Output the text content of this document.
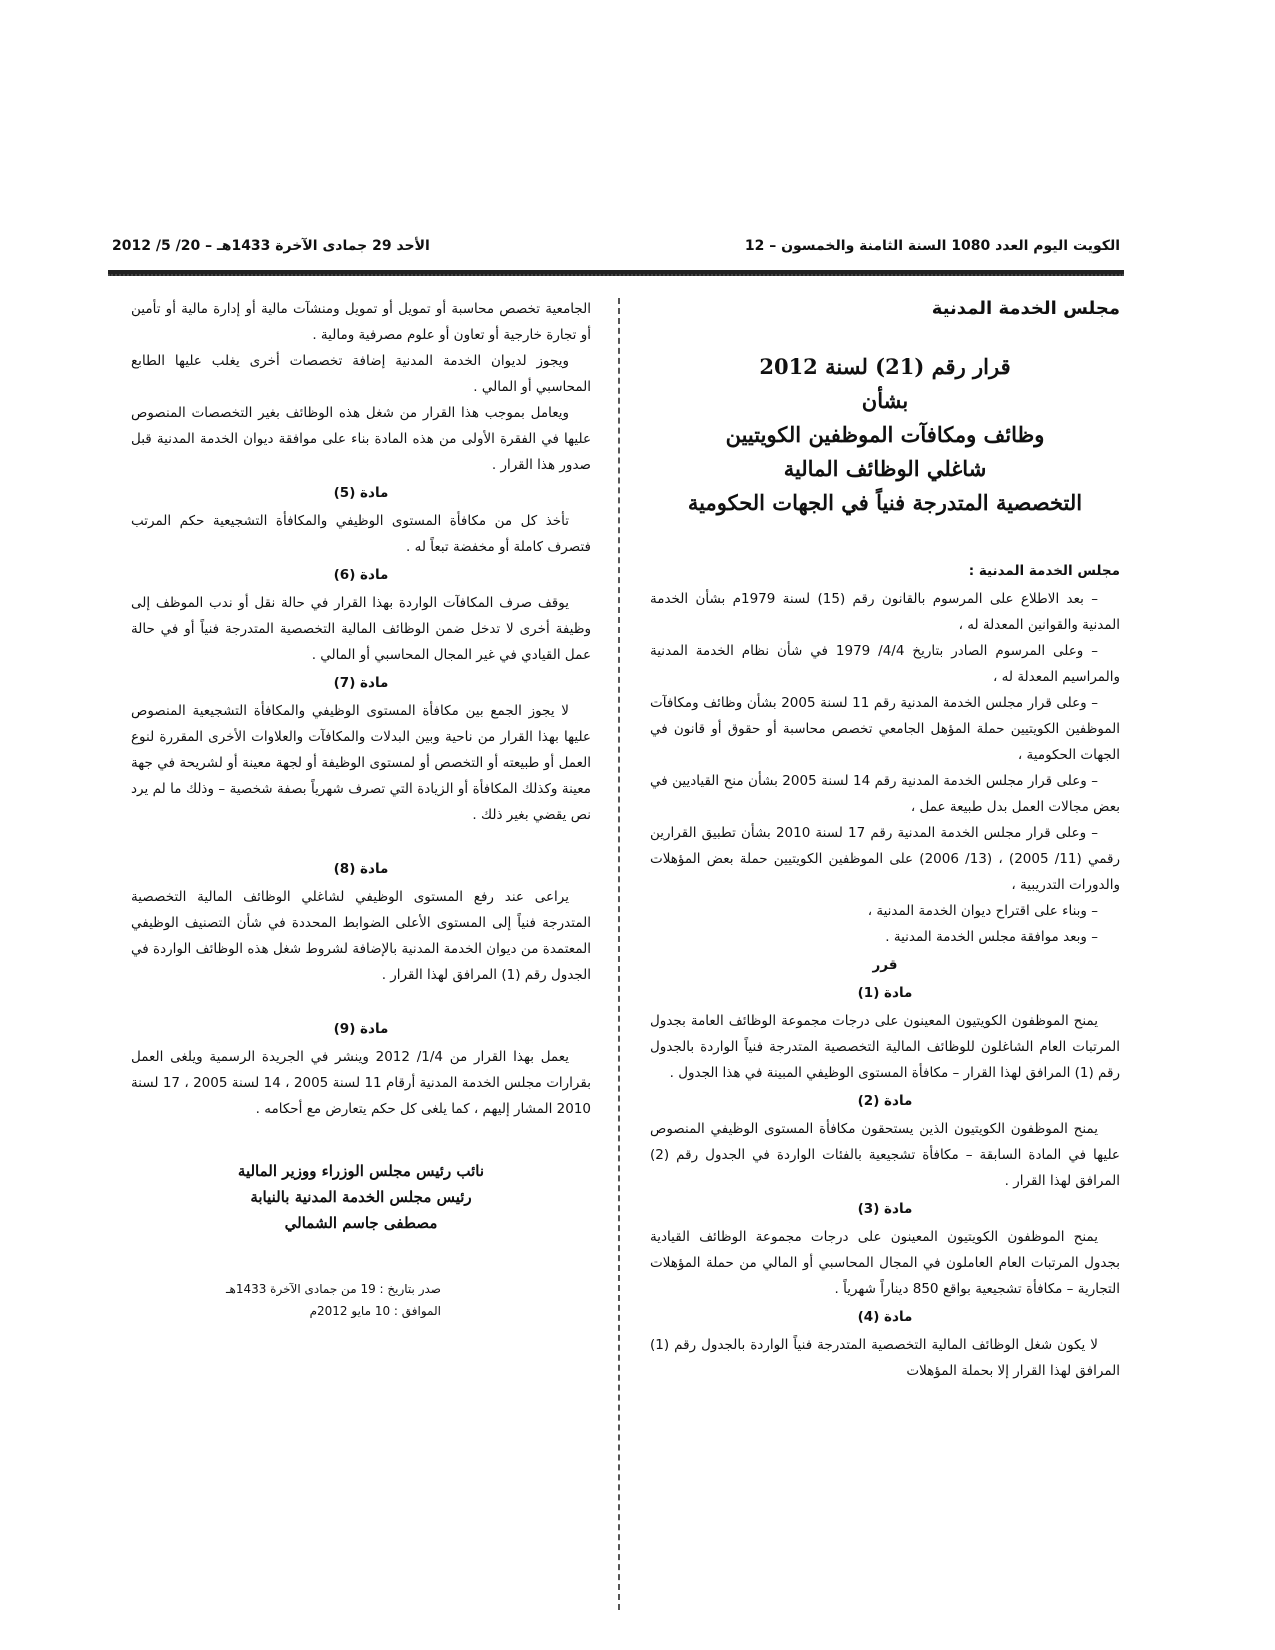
الكويت اليوم العدد 1080 السنة الثامنة والخمسون – 12
الأحد 29 جمادى الآخرة 1433هـ – 20/ 5/ 2012
مجلس الخدمة المدنية
قرار رقم (21) لسنة 2012
بشأن
وظائف ومكافآت الموظفين الكويتيين
شاغلي الوظائف المالية
التخصصية المتدرجة فنياً في الجهات الحكومية

مجلس الخدمة المدنية :

– بعد الاطلاع على المرسوم بالقانون رقم (15) لسنة 1979م بشأن الخدمة المدنية والقوانين المعدلة له ،

– وعلى المرسوم الصادر بتاريخ 4/4/ 1979 في شأن نظام الخدمة المدنية والمراسيم المعدلة له ،

– وعلى قرار مجلس الخدمة المدنية رقم 11 لسنة 2005 بشأن وظائف ومكافآت الموظفين الكويتيين حملة المؤهل الجامعي تخصص محاسبة أو حقوق أو قانون في الجهات الحكومية ،

– وعلى قرار مجلس الخدمة المدنية رقم 14 لسنة 2005 بشأن منح القياديين في بعض مجالات العمل بدل طبيعة عمل ،

– وعلى قرار مجلس الخدمة المدنية رقم 17 لسنة 2010 بشأن تطبيق القرارين رقمي (11/ 2005) ، (13/ 2006) على الموظفين الكويتيين حملة بعض المؤهلات والدورات التدريبية ،

– وبناء على اقتراح ديوان الخدمة المدنية ،

– وبعد موافقة مجلس الخدمة المدنية .

قرر
مادة (1)

يمنح الموظفون الكويتيون المعينون على درجات مجموعة الوظائف العامة بجدول المرتبات العام الشاغلون للوظائف المالية التخصصية المتدرجة فنياً الواردة بالجدول رقم (1) المرافق لهذا القرار – مكافأة المستوى الوظيفي المبينة في هذا الجدول .

مادة (2)

يمنح الموظفون الكويتيون الذين يستحقون مكافأة المستوى الوظيفي المنصوص عليها في المادة السابقة – مكافأة تشجيعية بالفئات الواردة في الجدول رقم (2) المرافق لهذا القرار .

مادة (3)

يمنح الموظفون الكويتيون المعينون على درجات مجموعة الوظائف القيادية بجدول المرتبات العام العاملون في المجال المحاسبي أو المالي من حملة المؤهلات التجارية – مكافأة تشجيعية بواقع 850 ديناراً شهرياً .

مادة (4)

لا يكون شغل الوظائف المالية التخصصية المتدرجة فنياً الواردة بالجدول رقم (1) المرافق لهذا القرار إلا بحملة المؤهلات

الجامعية تخصص محاسبة أو تمويل أو تمويل ومنشآت مالية أو إدارة مالية أو تأمين أو تجارة خارجية أو تعاون أو علوم مصرفية ومالية .

ويجوز لديوان الخدمة المدنية إضافة تخصصات أخرى يغلب عليها الطابع المحاسبي أو المالي .

ويعامل بموجب هذا القرار من شغل هذه الوظائف بغير التخصصات المنصوص عليها في الفقرة الأولى من هذه المادة بناء على موافقة ديوان الخدمة المدنية قبل صدور هذا القرار .

مادة (5)

تأخذ كل من مكافأة المستوى الوظيفي والمكافأة التشجيعية حكم المرتب فتصرف كاملة أو مخفضة تبعاً له .

مادة (6)

يوقف صرف المكافآت الواردة بهذا القرار في حالة نقل أو ندب الموظف إلى وظيفة أخرى لا تدخل ضمن الوظائف المالية التخصصية المتدرجة فنياً أو في حالة عمل القيادي في غير المجال المحاسبي أو المالي .

مادة (7)

لا يجوز الجمع بين مكافأة المستوى الوظيفي والمكافأة التشجيعية المنصوص عليها بهذا القرار من ناحية وبين البدلات والمكافآت والعلاوات الأخرى المقررة لنوع العمل أو طبيعته أو التخصص أو لمستوى الوظيفة أو لجهة معينة أو لشريحة في جهة معينة وكذلك المكافأة أو الزيادة التي تصرف شهرياً بصفة شخصية – وذلك ما لم يرد نص يقضي بغير ذلك .

مادة (8)

يراعى عند رفع المستوى الوظيفي لشاغلي الوظائف المالية التخصصية المتدرجة فنياً إلى المستوى الأعلى الضوابط المحددة في شأن التصنيف الوظيفي المعتمدة من ديوان الخدمة المدنية بالإضافة لشروط شغل هذه الوظائف الواردة في الجدول رقم (1) المرافق لهذا القرار .

مادة (9)

يعمل بهذا القرار من 1/4/ 2012 وينشر في الجريدة الرسمية ويلغى العمل بقرارات مجلس الخدمة المدنية أرقام 11 لسنة 2005 ، 14 لسنة 2005 ، 17 لسنة 2010 المشار إليهم ، كما يلغى كل حكم يتعارض مع أحكامه .

نائب رئيس مجلس الوزراء ووزير المالية
رئيس مجلس الخدمة المدنية بالنيابة
مصطفى جاسم الشمالي
صدر بتاريخ : 19 من جمادى الآخرة 1433هـ
الموافق : 10 مايو 2012م
